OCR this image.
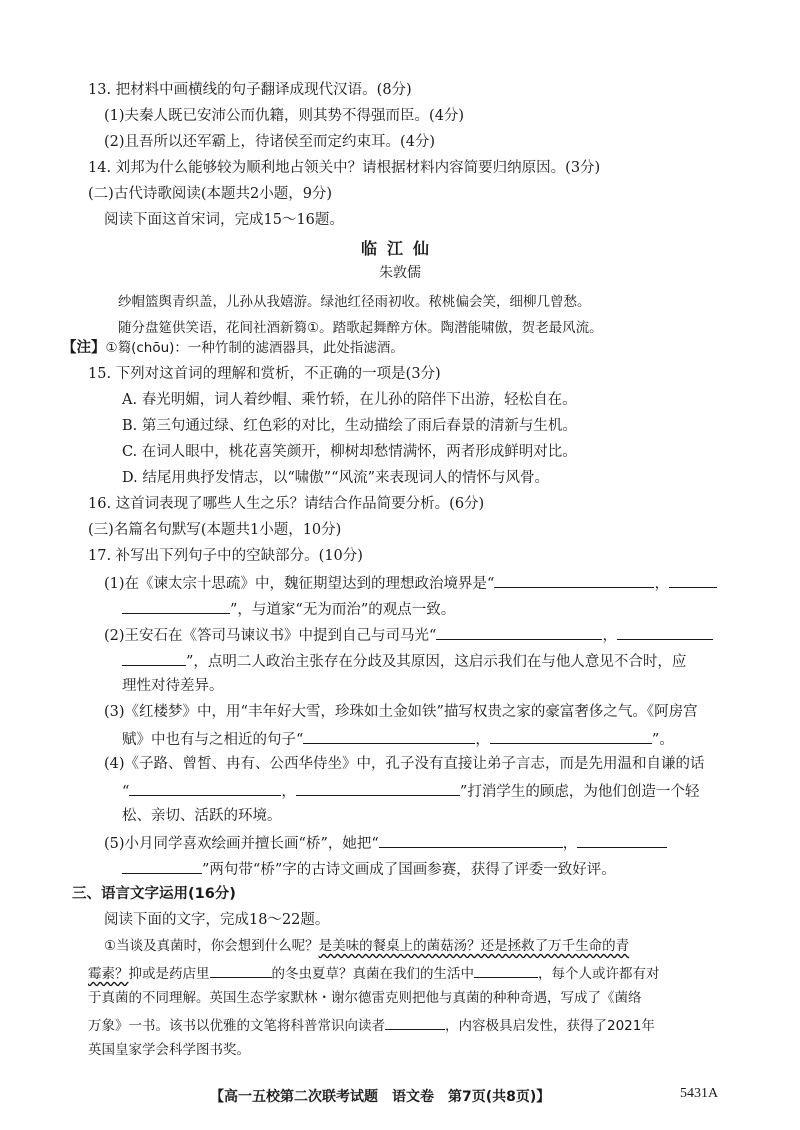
13. 把材料中画横线的句子翻译成现代汉语。(8分)
(1)夫秦人既已安沛公而仇籍，则其势不得强而臣。(4分)
(2)且吾所以还军霸上，待诸侯至而定约束耳。(4分)
14. 刘邦为什么能够较为顺利地占领关中？请根据材料内容简要归纳原因。(3分)
(二)古代诗歌阅读(本题共2小题，9分)
阅读下面这首宋词，完成15～16题。
临江仙
朱敦儒
纱帽篮舆青织盖，儿孙从我嬉游。绿池红径雨初收。秾桃偏会笑，细柳几曾愁。
随分盘筵供笑语，花间社酒新篘①。踏歌起舞醉方休。陶潜能啸傲，贺老最风流。
【注】①篘(chōu)：一种竹制的滤酒器具，此处指滤酒。
15. 下列对这首词的理解和赏析，不正确的一项是(3分)
A. 春光明媚，词人着纱帽、乘竹轿，在儿孙的陪伴下出游，轻松自在。
B. 第三句通过绿、红色彩的对比，生动描绘了雨后春景的清新与生机。
C. 在词人眼中，桃花喜笑颜开，柳树却愁情满怀，两者形成鲜明对比。
D. 结尾用典抒发情志，以“啸傲”“风流”来表现词人的情怀与风骨。
16. 这首词表现了哪些人生之乐？请结合作品简要分析。(6分)
(三)名篇名句默写(本题共1小题，10分)
17. 补写出下列句子中的空缺部分。(10分)
(1)在《谏太宗十思疏》中，魏征期望达到的理想政治境界是“	，
”，与道家“无为而治”的观点一致。
(2)王安石在《答司马谏议书》中提到自己与司马光“	，
”，点明二人政治主张存在分歧及其原因，这启示我们在与他人意见不合时，应
理性对待差异。
(3)《红楼梦》中，用“丰年好大雪，珍珠如土金如铁”描写权贵之家的豪富奢侈之气。《阿房宫
赋》中也有与之相近的句子“	，	”。
(4)《子路、曾皙、冉有、公西华侍坐》中，孔子没有直接让弟子言志，而是先用温和自谦的话
“	，	”打消学生的顾虑，为他们创造一个轻
松、亲切、活跃的环境。
(5)小月同学喜欢绘画并擅长画“桥”，她把“	，
”两句带“桥”字的古诗文画成了国画参赛，获得了评委一致好评。
三、语言文字运用(16分)
阅读下面的文字，完成18～22题。
①当谈及真菌时，你会想到什么呢？是美味的餐桌上的菌菇汤？还是拯救了万千生命的青
霉素？抑或是药店里	的冬虫夏草？真菌在我们的生活中	，每个人或许都有对
于真菌的不同理解。英国生态学家默林・谢尔德雷克则把他与真菌的种种奇遇，写成了《菌络
万象》一书。该书以优雅的文笔将科普常识向读者	，内容极具启发性，获得了2021年
英国皇家学会科学图书奖。
【高一五校第二次联考试题　语文卷　第7页(共8页)】	5431A
